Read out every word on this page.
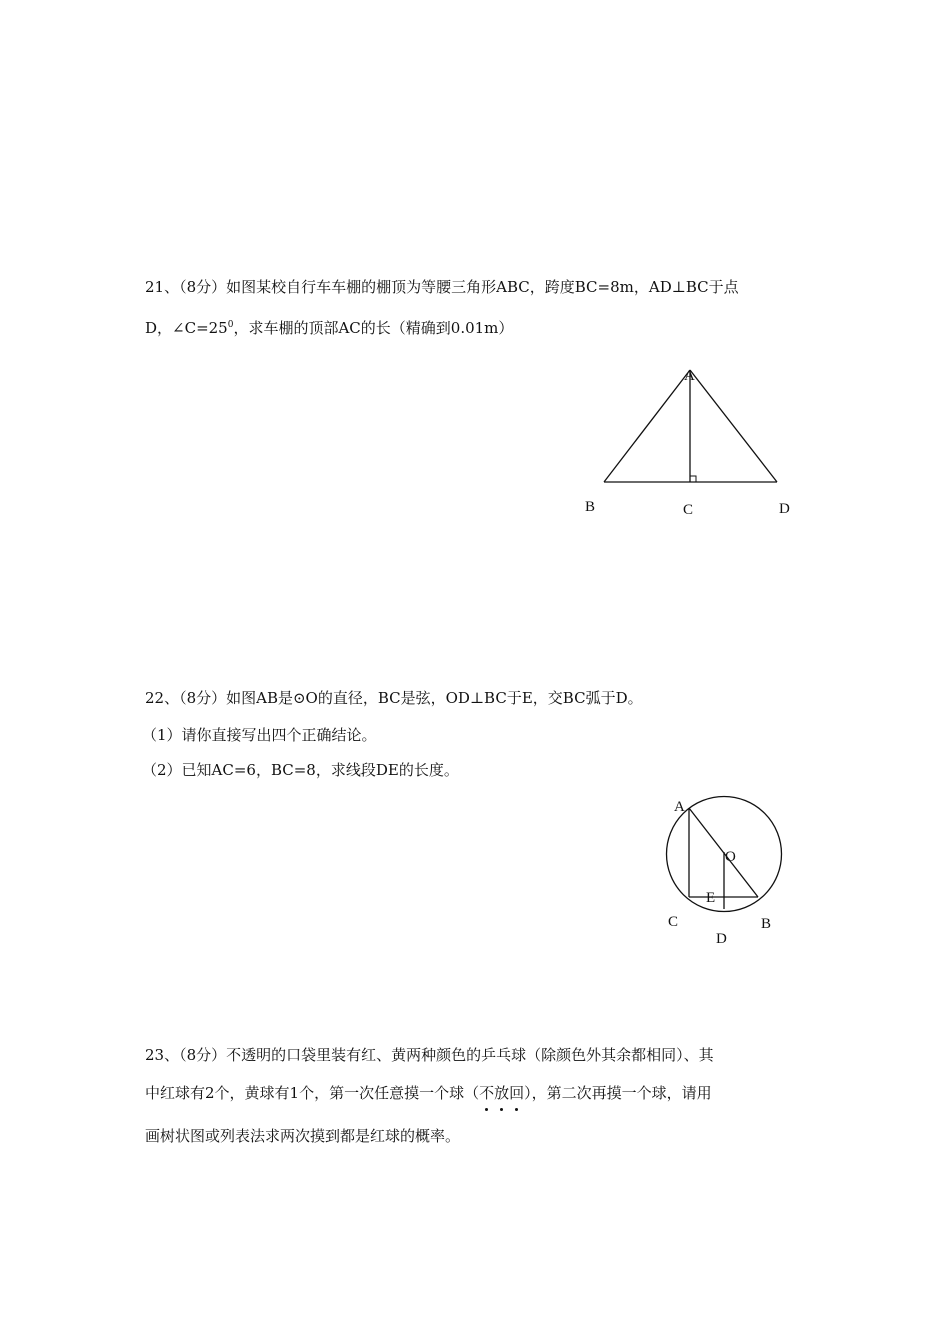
21、（8分）如图某校自行车车棚的棚顶为等腰三角形ABC，跨度BC=8m，AD⊥BC于点
D，$\angle C=25^0$，求车棚的顶部AC的长（精确到0.01m）
A
B	C	D
22、（8分）如图AB是⊙O的直径，BC是弦，OD⊥BC于E，交BC弧于D。
（1）请你直接写出四个正确结论。
（2）已知AC=6，BC=8，求线段DE的长度。
A
O
E
C
D
B
23、（8分）不透明的口袋里装有红、黄两种颜色的乒乓球（除颜色外其余都相同）、其
中红球有2个，黄球有1个，第一次任意摸一个球（不放回），第二次再摸一个球，请用
画树状图或列表法求两次摸到都是红球的概率。
